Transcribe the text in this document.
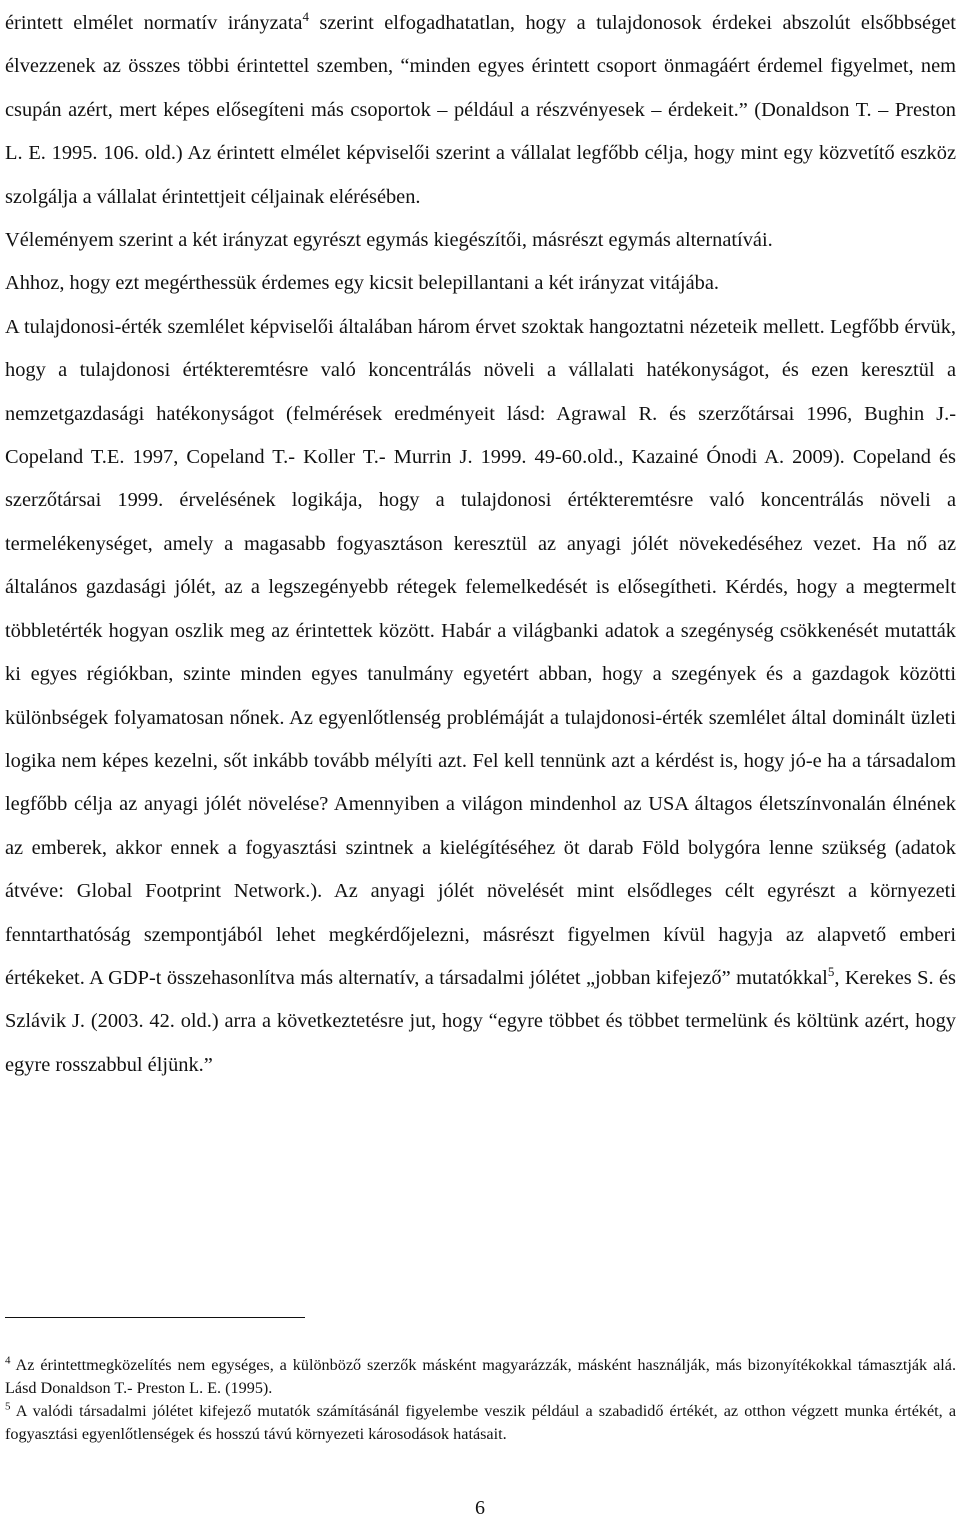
érintett elmélet normatív irányzata$^4$ szerint elfogadhatatlan, hogy a tulajdonosok érdekei abszolút elsőbbséget élvezzenek az összes többi érintettel szemben, “minden egyes érintett csoport önmagáért érdemel figyelmet, nem csupán azért, mert képes elősegíteni más csoportok – például a részvényesek – érdekeit.” (Donaldson T. – Preston L. E. 1995. 106. old.) Az érintett elmélet képviselői szerint a vállalat legfőbb célja, hogy mint egy közvetítő eszköz szolgálja a vállalat érintettjeit céljainak elérésében.

Véleményem szerint a két irányzat egyrészt egymás kiegészítői, másrészt egymás alternatívái.

Ahhoz, hogy ezt megérthessük érdemes egy kicsit belepillantani a két irányzat vitájába.

A tulajdonosi-érték szemlélet képviselői általában három érvet szoktak hangoztatni nézeteik mellett. Legfőbb érvük, hogy a tulajdonosi értékteremtésre való koncentrálás növeli a vállalati hatékonyságot, és ezen keresztül a nemzetgazdasági hatékonyságot (felmérések eredményeit lásd: Agrawal R. és szerzőtársai 1996, Bughin J.- Copeland T.E. 1997, Copeland T.- Koller T.- Murrin J. 1999. 49-60.old., Kazainé Ónodi A. 2009). Copeland és szerzőtársai 1999. érvelésének logikája, hogy a tulajdonosi értékteremtésre való koncentrálás növeli a termelékenységet, amely a magasabb fogyasztáson keresztül az anyagi jólét növekedéséhez vezet. Ha nő az általános gazdasági jólét, az a legszegényebb rétegek felemelkedését is elősegítheti. Kérdés, hogy a megtermelt többletérték hogyan oszlik meg az érintettek között. Habár a világbanki adatok a szegénység csökkenését mutatták ki egyes régiókban, szinte minden egyes tanulmány egyetért abban, hogy a szegények és a gazdagok közötti különbségek folyamatosan nőnek. Az egyenlőtlenség problémáját a tulajdonosi-érték szemlélet által dominált üzleti logika nem képes kezelni, sőt inkább tovább mélyíti azt. Fel kell tennünk azt a kérdést is, hogy jó-e ha a társadalom legfőbb célja az anyagi jólét növelése? Amennyiben a világon mindenhol az USA áltagos életszínvonalán élnének az emberek, akkor ennek a fogyasztási szintnek a kielégítéséhez öt darab Föld bolygóra lenne szükség (adatok átvéve: Global Footprint Network.). Az anyagi jólét növelését mint elsődleges célt egyrészt a környezeti fenntarthatóság szempontjából lehet megkérdőjelezni, másrészt figyelmen kívül hagyja az alapvető emberi értékeket. A GDP-t összehasonlítva más alternatív, a társadalmi jólétet „jobban kifejező” mutatókkal$^5$, Kerekes S. és Szlávik J. (2003. 42. old.) arra a következtetésre jut, hogy “egyre többet és többet termelünk és költünk azért, hogy egyre rosszabbul éljünk.”

$^4$ Az érintettmegközelítés nem egységes, a különböző szerzők másként magyarázzák, másként használják, más bizonyítékokkal támasztják alá. Lásd Donaldson T.- Preston L. E. (1995).

$^5$ A valódi társadalmi jólétet kifejező mutatók számításánál figyelembe veszik például a szabadidő értékét, az otthon végzett munka értékét, a fogyasztási egyenlőtlenségek és hosszú távú környezeti károsodások hatásait.

6
